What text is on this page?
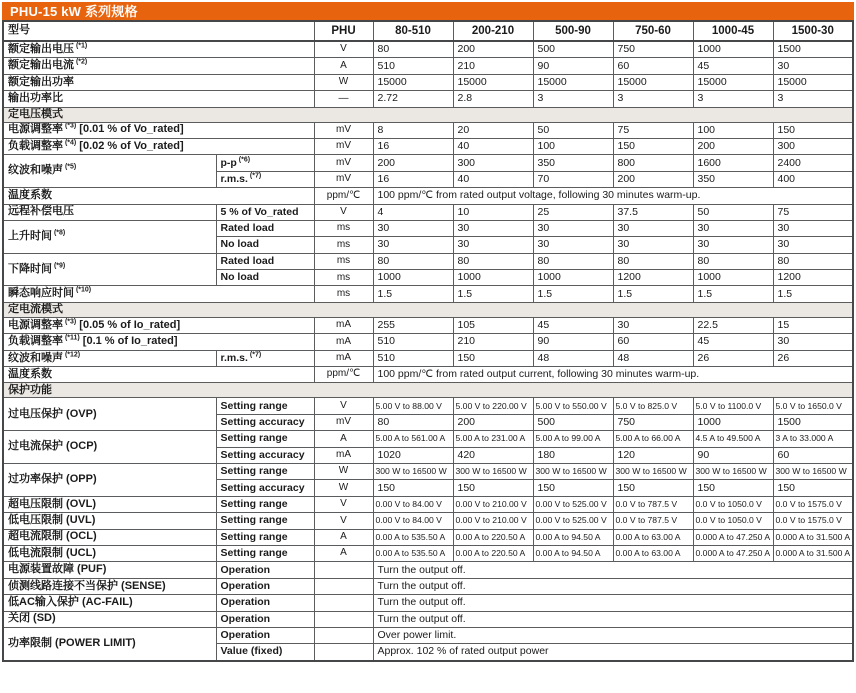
PHU-15 kW 系列规格
型号		PHU	80-510	200-210	500-90	750-60	1000-45	1500-30
额定输出电压 $^{(*1)}$		V	80	200	500	750	1000	1500
额定输出电流 $^{(*2)}$		A	510	210	90	60	45	30
额定输出功率		W	15000	15000	15000	15000	15000	15000
输出功率比		—	2.72	2.8	3	3	3	3
定电压模式								
电源调整率 $^{(*3)}$ [0.01 % of Vo_rated]		mV	8	20	50	75	100	150
负载调整率 $^{(*4)}$ [0.02 % of Vo_rated]		mV	16	40	100	150	200	300
纹波和噪声 $^{(*5)}$	p-p $^{(*6)}$	mV	200	300	350	800	1600	2400
	r.m.s. $^{(*7)}$	mV	16	40	70	200	350	400
温度系数		ppm/℃	100 ppm/℃ from rated output voltage, following 30 minutes warm-up.					
远程补偿电压	5 % of Vo_rated	V	4	10	25	37.5	50	75
上升时间 $^{(*8)}$	Rated load	ms	30	30	30	30	30	30
	No load	ms	30	30	30	30	30	30
下降时间 $^{(*9)}$	Rated load	ms	80	80	80	80	80	80
	No load	ms	1000	1000	1000	1200	1000	1200
瞬态响应时间 $^{(*10)}$		ms	1.5	1.5	1.5	1.5	1.5	1.5
定电流模式								
电源调整率 $^{(*3)}$ [0.05 % of Io_rated]		mA	255	105	45	30	22.5	15
负载调整率 $^{(*11)}$ [0.1 % of Io_rated]		mA	510	210	90	60	45	30
纹波和噪声 $^{(*12)}$	r.m.s. $^{(*7)}$	mA	510	150	48	48	26	26
温度系数		ppm/℃	100 ppm/℃ from rated output current, following 30 minutes warm-up.					
保护功能								
过电压保护 (OVP)	Setting range	V	5.00 V to 88.00 V	5.00 V to 220.00 V	5.00 V to 550.00 V	5.0 V to 825.0 V	5.0 V to 1100.0 V	5.0 V to 1650.0 V
	Setting accuracy	mV	80	200	500	750	1000	1500
过电流保护 (OCP)	Setting range	A	5.00 A to 561.00 A	5.00 A to 231.00 A	5.00 A to 99.00 A	5.00 A to 66.00 A	4.5 A to 49.500 A	3 A to 33.000 A
	Setting accuracy	mA	1020	420	180	120	90	60
过功率保护 (OPP)	Setting range	W	300 W to 16500 W	300 W to 16500 W	300 W to 16500 W	300 W to 16500 W	300 W to 16500 W	300 W to 16500 W
	Setting accuracy	W	150	150	150	150	150	150
超电压限制 (OVL)	Setting range	V	0.00 V to 84.00 V	0.00 V to 210.00 V	0.00 V to 525.00 V	0.0 V to 787.5 V	0.0 V to 1050.0 V	0.0 V to 1575.0 V
低电压限制 (UVL)	Setting range	V	0.00 V to 84.00 V	0.00 V to 210.00 V	0.00 V to 525.00 V	0.0 V to 787.5 V	0.0 V to 1050.0 V	0.0 V to 1575.0 V
超电流限制 (OCL)	Setting range	A	0.00 A to 535.50 A	0.00 A to 220.50 A	0.00 A to 94.50 A	0.00 A to 63.00 A	0.000 A to 47.250 A	0.000 A to 31.500 A
低电流限制 (UCL)	Setting range	A	0.00 A to 535.50 A	0.00 A to 220.50 A	0.00 A to 94.50 A	0.00 A to 63.00 A	0.000 A to 47.250 A	0.000 A to 31.500 A
电源装置故障 (PUF)	Operation		Turn the output off.					
侦测线路连接不当保护 (SENSE)	Operation		Turn the output off.					
低AC输入保护 (AC-FAIL)	Operation		Turn the output off.					
关闭 (SD)	Operation		Turn the output off.					
功率限制 (POWER LIMIT)	Operation		Over power limit.					
	Value (fixed)		Approx. 102 % of rated output power					
